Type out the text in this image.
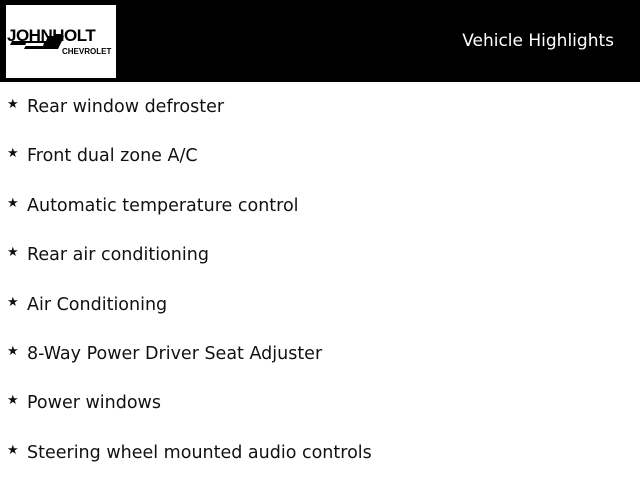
JOHNHOLT
CHEVROLET
Vehicle Highlights
★ Rear window defroster
★ Front dual zone A/C
★ Automatic temperature control
★ Rear air conditioning
★ Air Conditioning
★ 8-Way Power Driver Seat Adjuster
★ Power windows
★ Steering wheel mounted audio controls
